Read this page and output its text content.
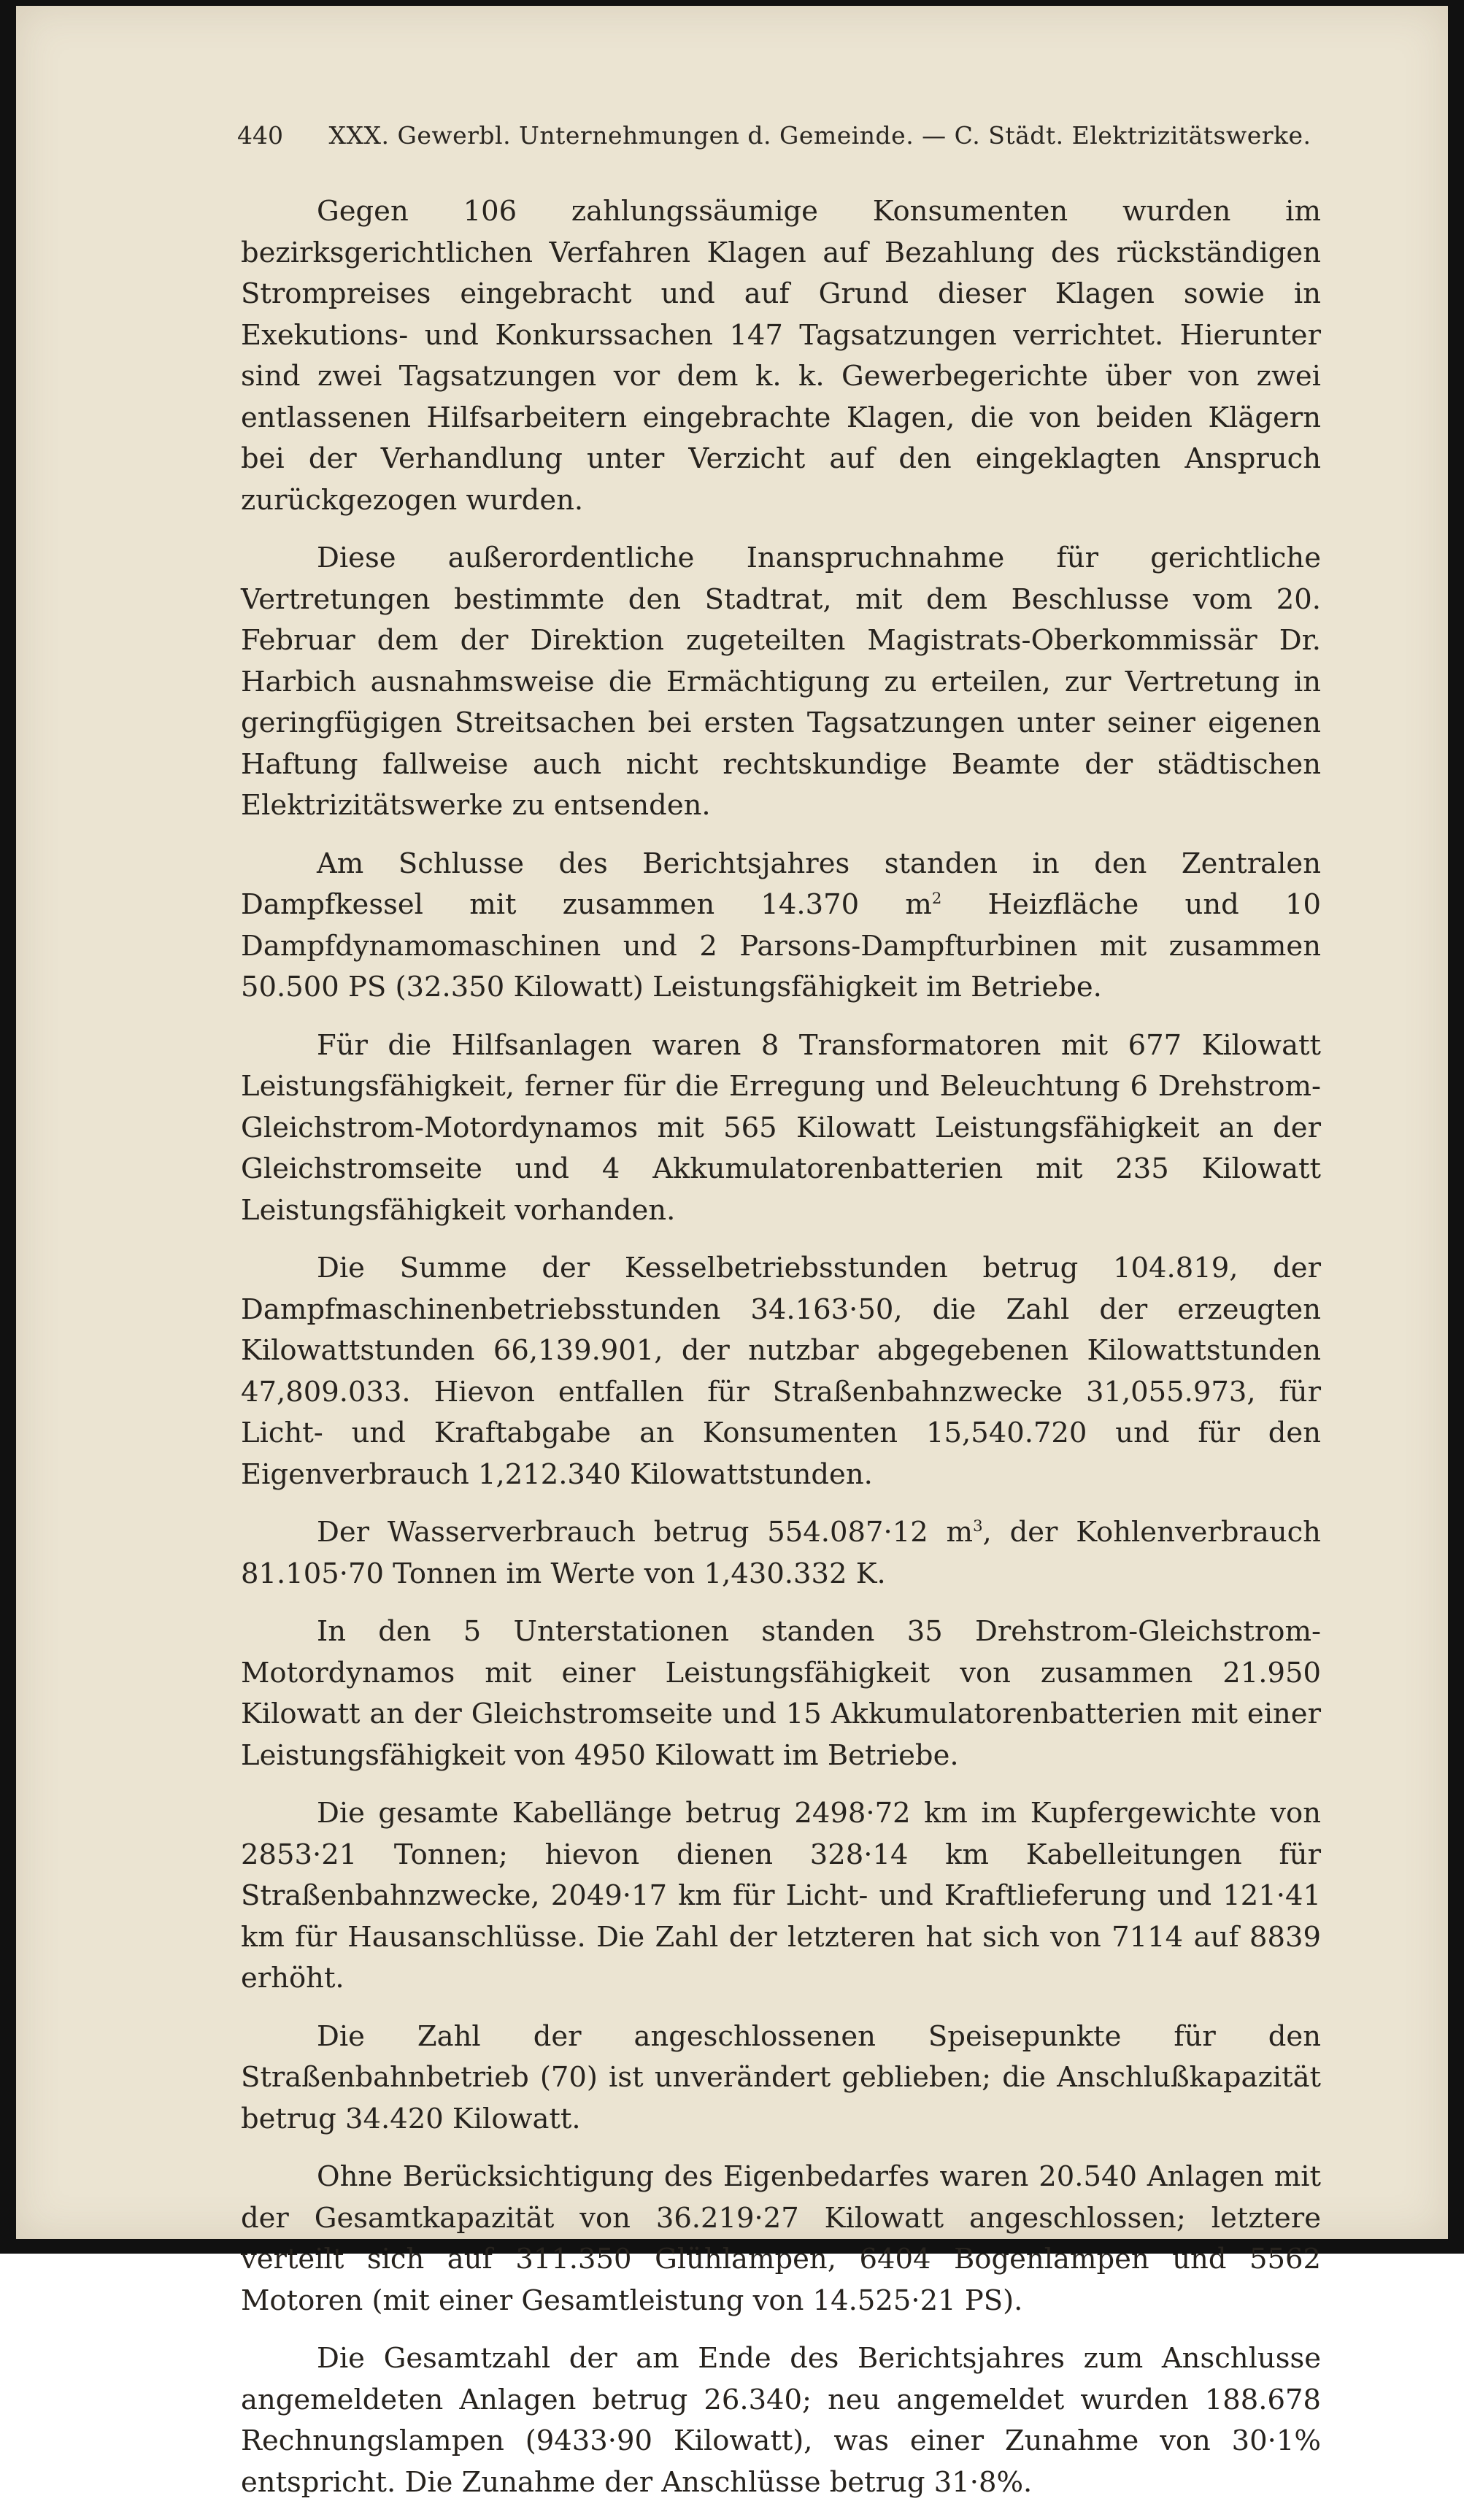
440 XXX. Gewerbl. Unternehmungen d. Gemeinde. — C. Städt. Elektrizitätswerke.

Gegen 106 zahlungssäumige Konsumenten wurden im bezirksgerichtlichen Verfahren Klagen auf Bezahlung des rückständigen Strompreises eingebracht und auf Grund dieser Klagen sowie in Exekutions- und Konkurssachen 147 Tagsatzungen verrichtet. Hierunter sind zwei Tagsatzungen vor dem k. k. Gewerbegerichte über von zwei entlassenen Hilfsarbeitern eingebrachte Klagen, die von beiden Klägern bei der Verhandlung unter Verzicht auf den eingeklagten Anspruch zurückgezogen wurden.

Diese außerordentliche Inanspruchnahme für gerichtliche Vertretungen bestimmte den Stadtrat, mit dem Beschlusse vom 20. Februar dem der Direktion zugeteilten Magistrats-Oberkommissär Dr. Harbich ausnahmsweise die Ermächtigung zu erteilen, zur Vertretung in geringfügigen Streitsachen bei ersten Tagsatzungen unter seiner eigenen Haftung fallweise auch nicht rechtskundige Beamte der städtischen Elektrizitätswerke zu entsenden.

Am Schlusse des Berichtsjahres standen in den Zentralen Dampfkessel mit zusammen 14.370 $m^2$ Heizfläche und 10 Dampfdynamomaschinen und 2 Parsons-Dampfturbinen mit zusammen 50.500 PS (32.350 Kilowatt) Leistungsfähigkeit im Betriebe.

Für die Hilfsanlagen waren 8 Transformatoren mit 677 Kilowatt Leistungsfähigkeit, ferner für die Erregung und Beleuchtung 6 Drehstrom-Gleichstrom-Motordynamos mit 565 Kilowatt Leistungsfähigkeit an der Gleichstromseite und 4 Akkumulatorenbatterien mit 235 Kilowatt Leistungsfähigkeit vorhanden.

Die Summe der Kesselbetriebsstunden betrug 104.819, der Dampfmaschinenbetriebsstunden 34.163·50, die Zahl der erzeugten Kilowattstunden 66,139.901, der nutzbar abgegebenen Kilowattstunden 47,809.033. Hievon entfallen für Straßenbahnzwecke 31,055.973, für Licht- und Kraftabgabe an Konsumenten 15,540.720 und für den Eigenverbrauch 1,212.340 Kilowattstunden.

Der Wasserverbrauch betrug 554.087·12 $m^3$, der Kohlenverbrauch 81.105·70 Tonnen im Werte von 1,430.332 K.

In den 5 Unterstationen standen 35 Drehstrom-Gleichstrom-Motordynamos mit einer Leistungsfähigkeit von zusammen 21.950 Kilowatt an der Gleichstromseite und 15 Akkumulatorenbatterien mit einer Leistungsfähigkeit von 4950 Kilowatt im Betriebe.

Die gesamte Kabellänge betrug 2498·72 km im Kupfergewichte von 2853·21 Tonnen; hievon dienen 328·14 km Kabelleitungen für Straßenbahnzwecke, 2049·17 km für Licht- und Kraftlieferung und 121·41 km für Hausanschlüsse. Die Zahl der letzteren hat sich von 7114 auf 8839 erhöht.

Die Zahl der angeschlossenen Speisepunkte für den Straßenbahnbetrieb (70) ist unverändert geblieben; die Anschlußkapazität betrug 34.420 Kilowatt.

Ohne Berücksichtigung des Eigenbedarfes waren 20.540 Anlagen mit der Gesamtkapazität von 36.219·27 Kilowatt angeschlossen; letztere verteilt sich auf 311.350 Glühlampen, 6404 Bogenlampen und 5562 Motoren (mit einer Gesamtleistung von 14.525·21 PS).

Die Gesamtzahl der am Ende des Berichtsjahres zum Anschlusse angemeldeten Anlagen betrug 26.340; neu angemeldet wurden 188.678 Rechnungslampen (9433·90 Kilowatt), was einer Zunahme von 30·1% entspricht. Die Zunahme der Anschlüsse betrug 31·8%.
